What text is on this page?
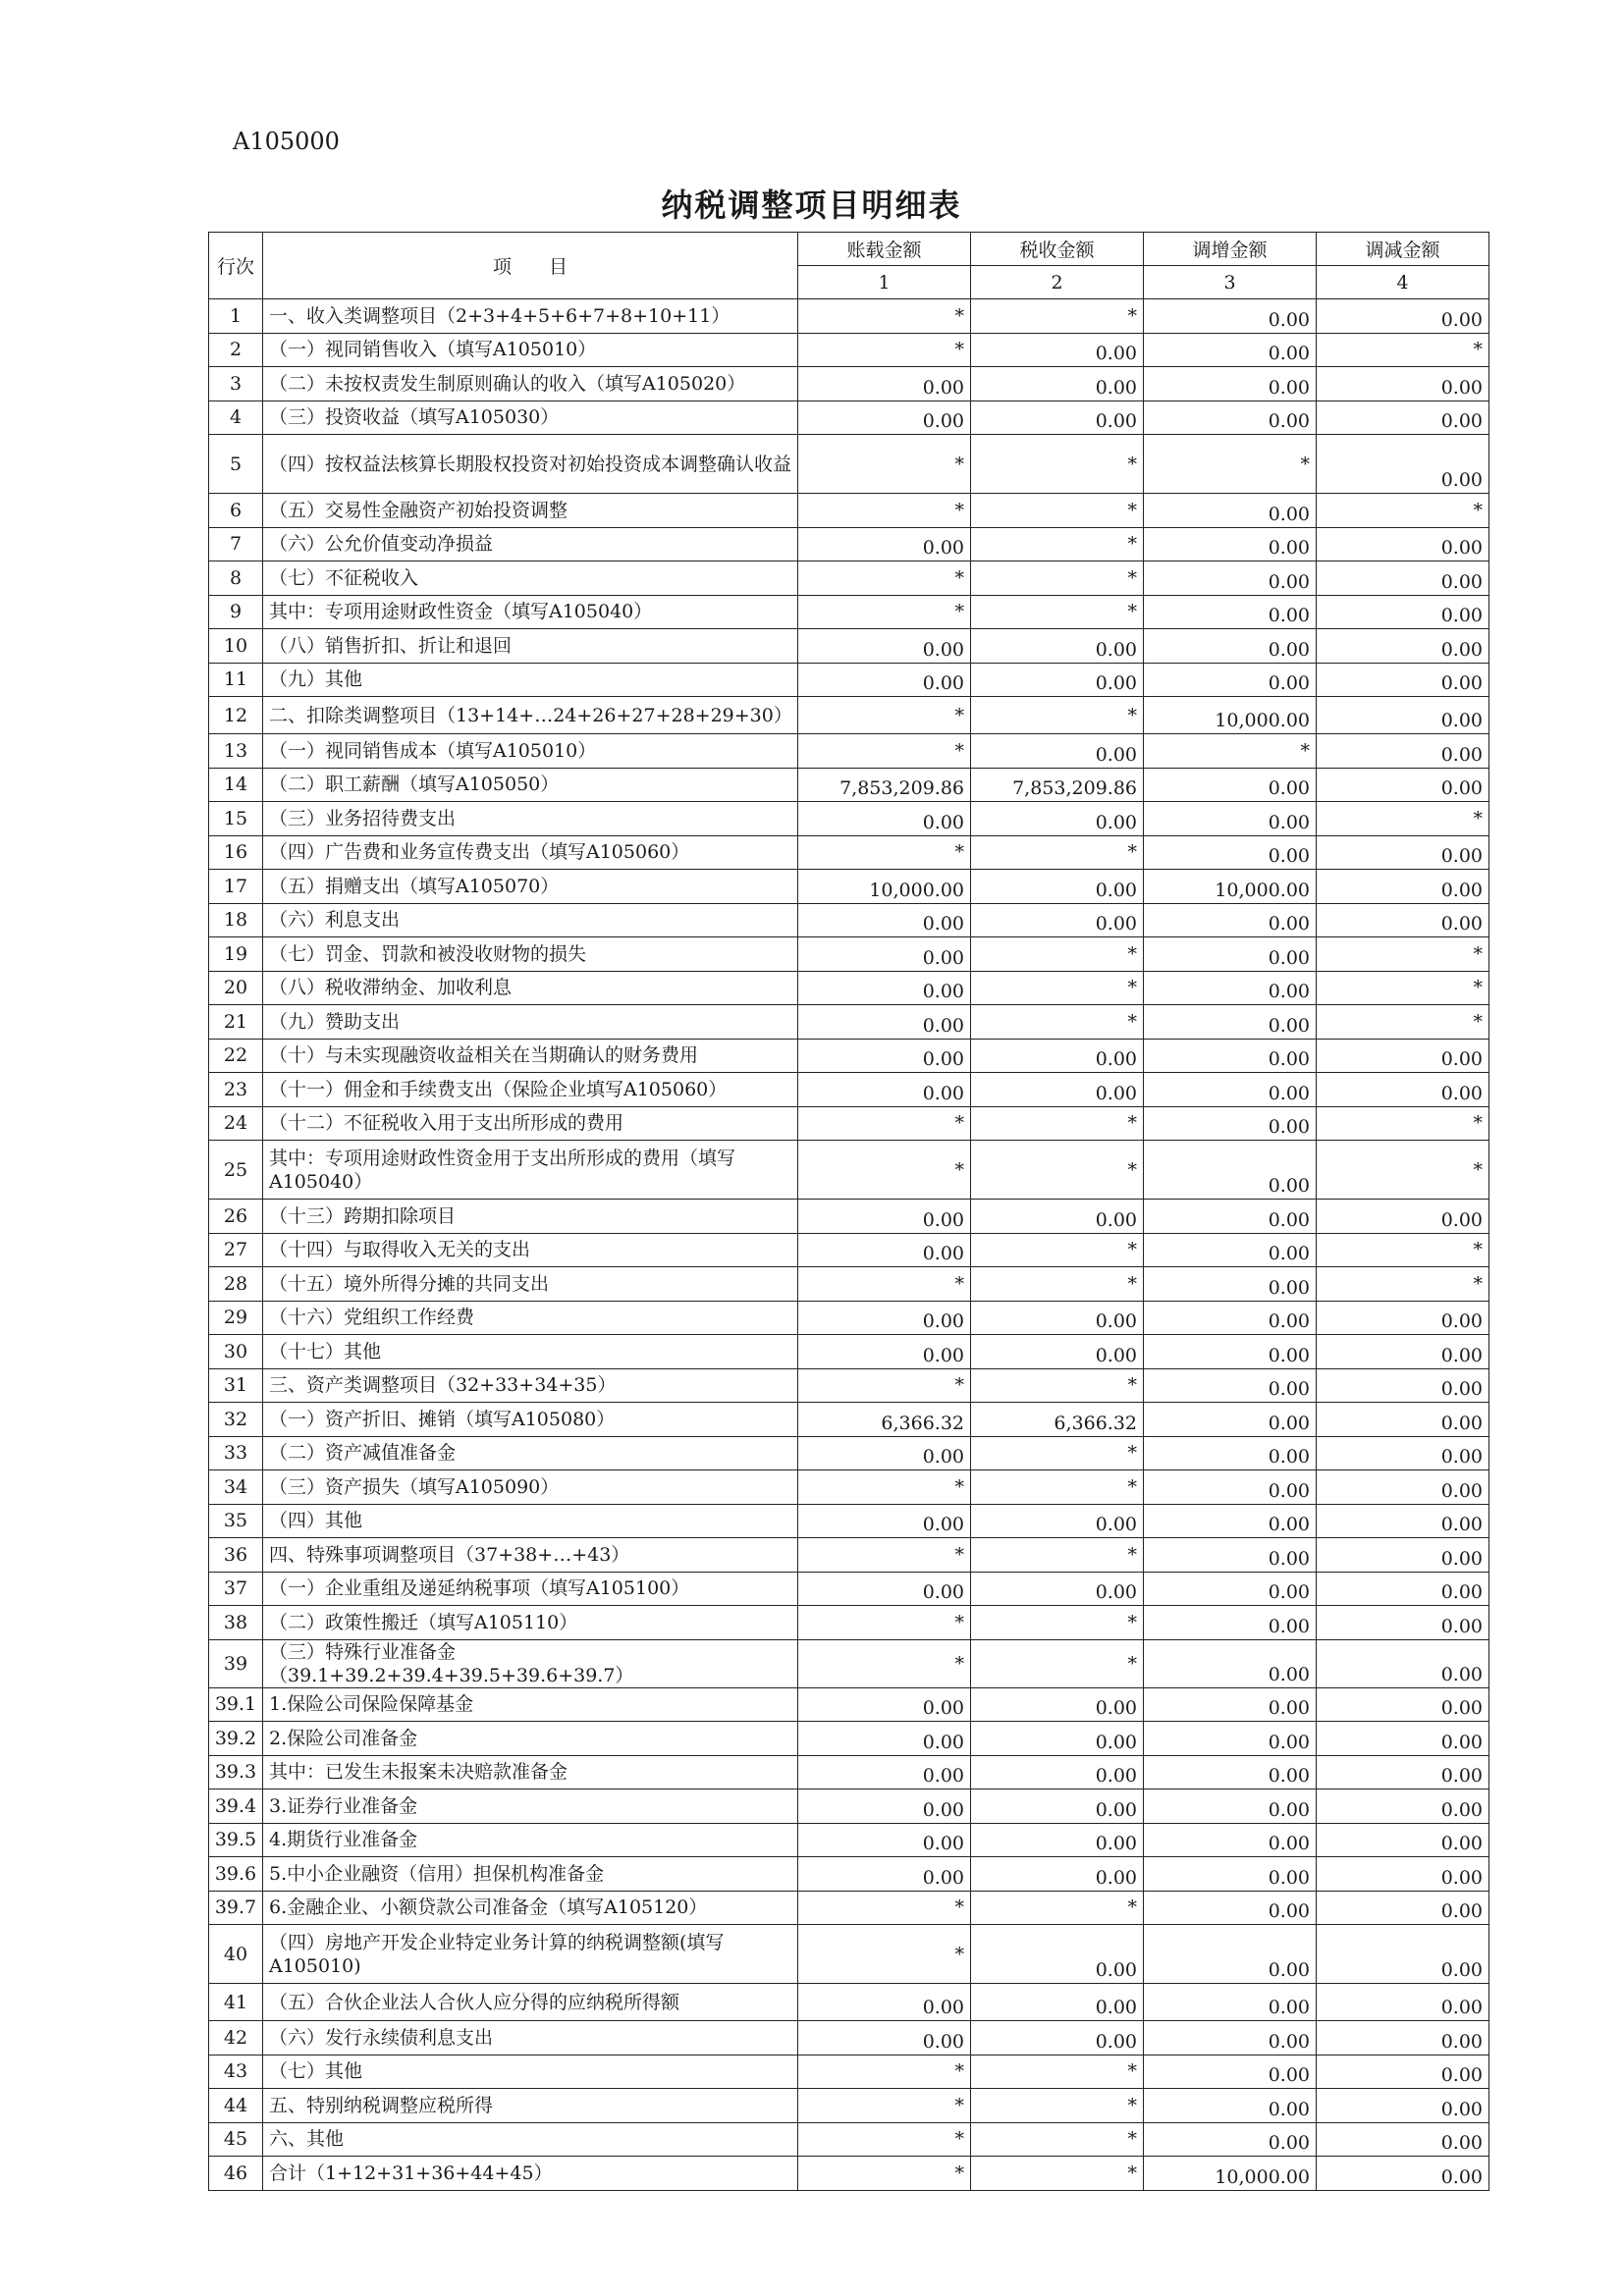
A105000
纳税调整项目明细表
行次	项　　目	账载金额	税收金额	调增金额	调减金额
		1	2	3	4
1	一、收入类调整项目（2+3+4+5+6+7+8+10+11）	*	*	0.00	0.00
2	（一）视同销售收入（填写A105010）	*	0.00	0.00	*
3	（二）未按权责发生制原则确认的收入（填写A105020）	0.00	0.00	0.00	0.00
4	（三）投资收益（填写A105030）	0.00	0.00	0.00	0.00
5	（四）按权益法核算长期股权投资对初始投资成本调整确认收益	*	*	*	0.00
6	（五）交易性金融资产初始投资调整	*	*	0.00	*
7	（六）公允价值变动净损益	0.00	*	0.00	0.00
8	（七）不征税收入	*	*	0.00	0.00
9	其中：专项用途财政性资金（填写A105040）	*	*	0.00	0.00
10	（八）销售折扣、折让和退回	0.00	0.00	0.00	0.00
11	（九）其他	0.00	0.00	0.00	0.00
12	二、扣除类调整项目（13+14+…24+26+27+28+29+30）	*	*	10,000.00	0.00
13	（一）视同销售成本（填写A105010）	*	0.00	*	0.00
14	（二）职工薪酬（填写A105050）	7,853,209.86	7,853,209.86	0.00	0.00
15	（三）业务招待费支出	0.00	0.00	0.00	*
16	（四）广告费和业务宣传费支出（填写A105060）	*	*	0.00	0.00
17	（五）捐赠支出（填写A105070）	10,000.00	0.00	10,000.00	0.00
18	（六）利息支出	0.00	0.00	0.00	0.00
19	（七）罚金、罚款和被没收财物的损失	0.00	*	0.00	*
20	（八）税收滞纳金、加收利息	0.00	*	0.00	*
21	（九）赞助支出	0.00	*	0.00	*
22	（十）与未实现融资收益相关在当期确认的财务费用	0.00	0.00	0.00	0.00
23	（十一）佣金和手续费支出（保险企业填写A105060）	0.00	0.00	0.00	0.00
24	（十二）不征税收入用于支出所形成的费用	*	*	0.00	*
25	其中：专项用途财政性资金用于支出所形成的费用（填写A105040）	*	*	0.00	*
26	（十三）跨期扣除项目	0.00	0.00	0.00	0.00
27	（十四）与取得收入无关的支出	0.00	*	0.00	*
28	（十五）境外所得分摊的共同支出	*	*	0.00	*
29	（十六）党组织工作经费	0.00	0.00	0.00	0.00
30	（十七）其他	0.00	0.00	0.00	0.00
31	三、资产类调整项目（32+33+34+35）	*	*	0.00	0.00
32	（一）资产折旧、摊销（填写A105080）	6,366.32	6,366.32	0.00	0.00
33	（二）资产减值准备金	0.00	*	0.00	0.00
34	（三）资产损失（填写A105090）	*	*	0.00	0.00
35	（四）其他	0.00	0.00	0.00	0.00
36	四、特殊事项调整项目（37+38+…+43）	*	*	0.00	0.00
37	（一）企业重组及递延纳税事项（填写A105100）	0.00	0.00	0.00	0.00
38	（二）政策性搬迁（填写A105110）	*	*	0.00	0.00
39	（三）特殊行业准备金（39.1+39.2+39.4+39.5+39.6+39.7）	*	*	0.00	0.00
39.1	1.保险公司保险保障基金	0.00	0.00	0.00	0.00
39.2	2.保险公司准备金	0.00	0.00	0.00	0.00
39.3	其中：已发生未报案未决赔款准备金	0.00	0.00	0.00	0.00
39.4	3.证券行业准备金	0.00	0.00	0.00	0.00
39.5	4.期货行业准备金	0.00	0.00	0.00	0.00
39.6	5.中小企业融资（信用）担保机构准备金	0.00	0.00	0.00	0.00
39.7	6.金融企业、小额贷款公司准备金（填写A105120）	*	*	0.00	0.00
40	（四）房地产开发企业特定业务计算的纳税调整额(填写A105010)	*	0.00	0.00	0.00
41	（五）合伙企业法人合伙人应分得的应纳税所得额	0.00	0.00	0.00	0.00
42	（六）发行永续债利息支出	0.00	0.00	0.00	0.00
43	（七）其他	*	*	0.00	0.00
44	五、特别纳税调整应税所得	*	*	0.00	0.00
45	六、其他	*	*	0.00	0.00
46	合计（1+12+31+36+44+45）	*	*	10,000.00	0.00
